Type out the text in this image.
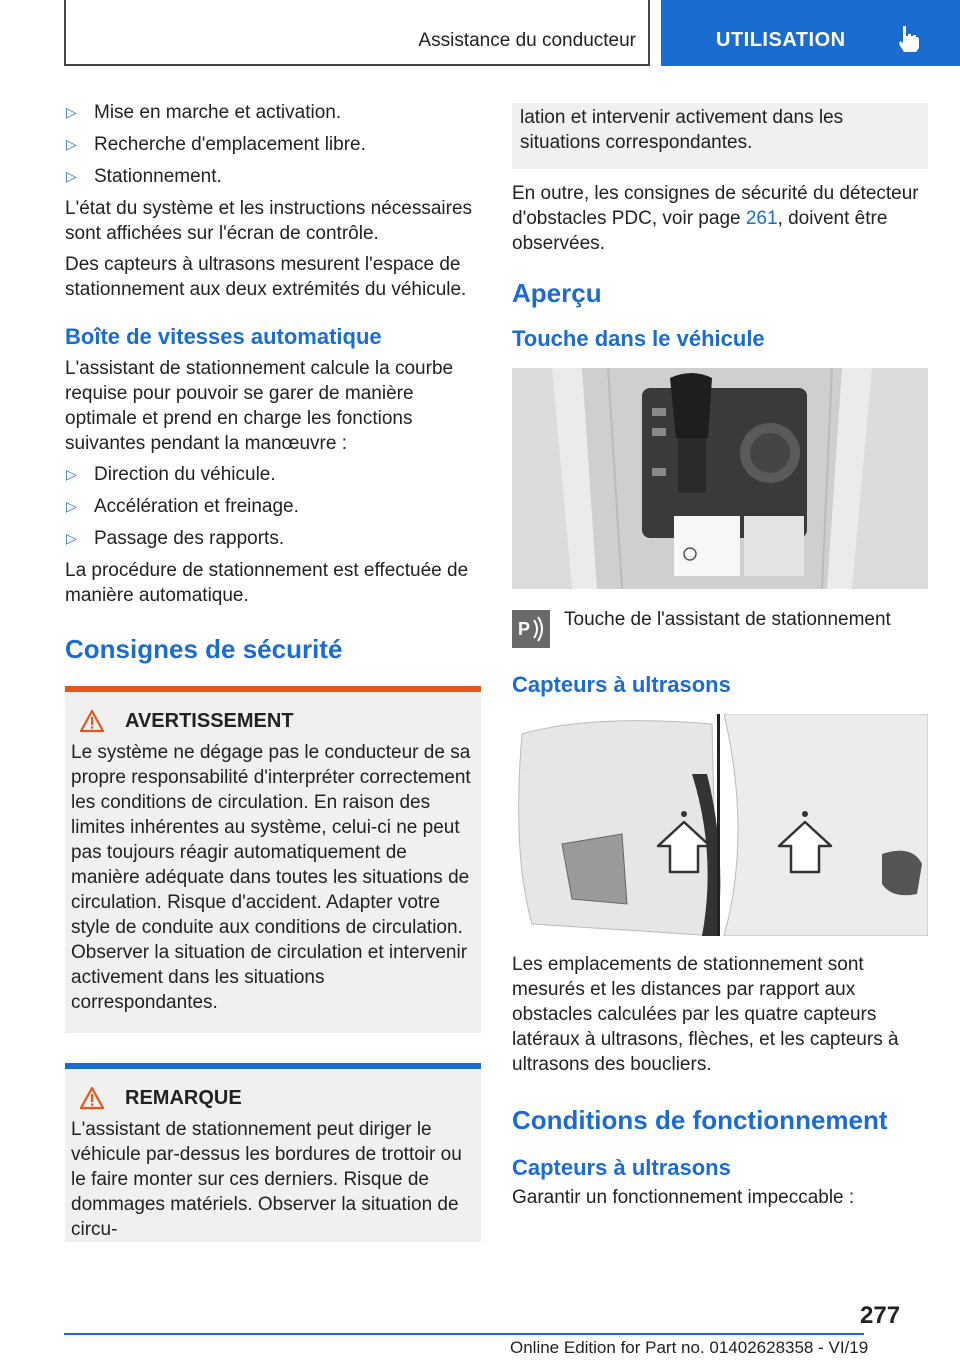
Assistance du conducteur	UTILISATION
▷ Mise en marche et activation.
▷ Recherche d'emplacement libre.
▷ Stationnement.

L'état du système et les instructions nécessaires sont affichées sur l'écran de contrôle.

Des capteurs à ultrasons mesurent l'espace de stationnement aux deux extrémités du véhicule.

Boîte de vitesses automatique

L'assistant de stationnement calcule la courbe requise pour pouvoir se garer de manière optimale et prend en charge les fonctions suivantes pendant la manœuvre :

▷ Direction du véhicule.
▷ Accélération et freinage.
▷ Passage des rapports.

La procédure de stationnement est effectuée de manière automatique.

Consignes de sécurité
AVERTISSEMENT
Le système ne dégage pas le conducteur de sa propre responsabilité d'interpréter correctement les conditions de circulation. En raison des limites inhérentes au système, celui-ci ne peut pas toujours réagir automatiquement de manière adéquate dans toutes les situations de circulation. Risque d'accident. Adapter votre style de conduite aux conditions de circulation. Observer la situation de circulation et intervenir activement dans les situations correspondantes.
REMARQUE
L'assistant de stationnement peut diriger le véhicule par-dessus les bordures de trottoir ou le faire monter sur ces derniers. Risque de dommages matériels. Observer la situation de circu-
lation et intervenir activement dans les situations correspondantes.

En outre, les consignes de sécurité du détecteur d'obstacles PDC, voir page 261, doivent être observées.

Aperçu
Touche dans le véhicule
P Touche de l'assistant de stationnement
Capteurs à ultrasons

Les emplacements de stationnement sont mesurés et les distances par rapport aux obstacles calculées par les quatre capteurs latéraux à ultrasons, flèches, et les capteurs à ultrasons des boucliers.

Conditions de fonctionnement
Capteurs à ultrasons

Garantir un fonctionnement impeccable :

277
Online Edition for Part no. 01402628358 - VI/19
